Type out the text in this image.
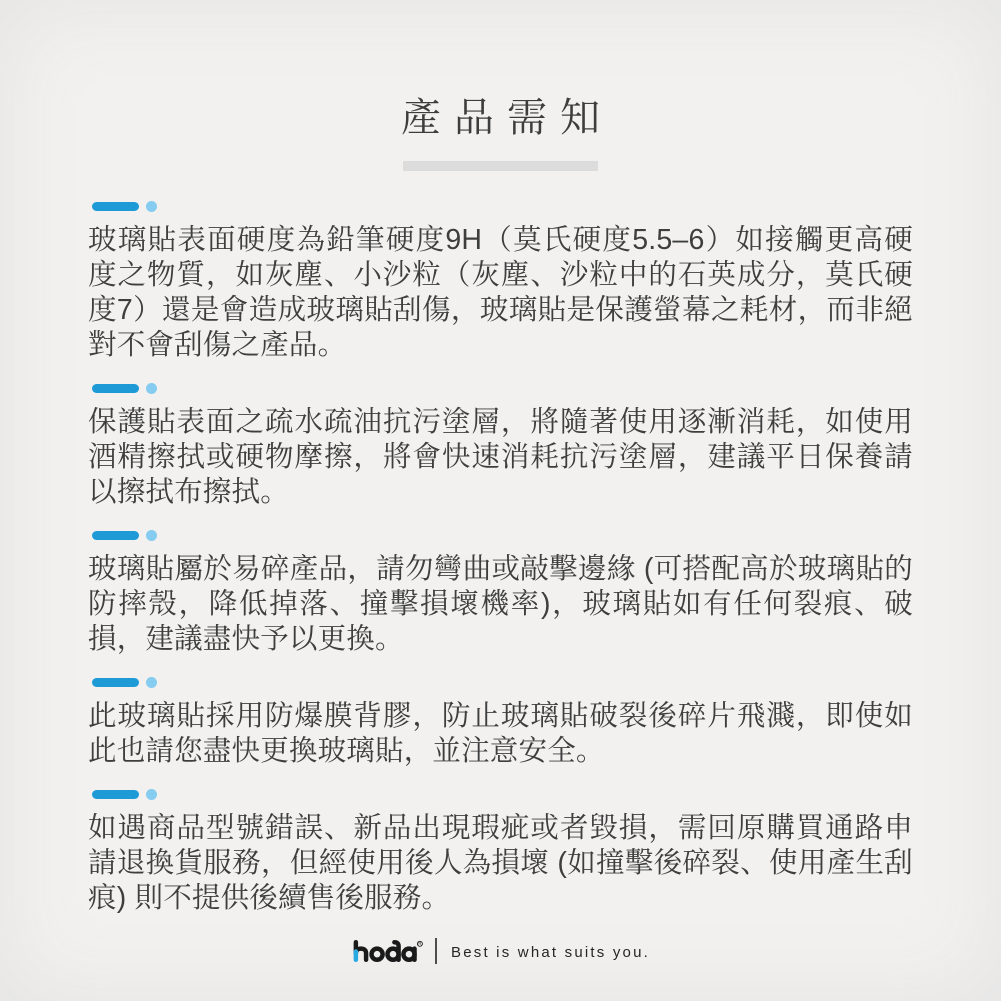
產品需知

玻璃貼表面硬度為鉛筆硬度9H（莫氏硬度5.5–6）如接觸更高硬度之物質，如灰塵、小沙粒（灰塵、沙粒中的石英成分，莫氏硬度7）還是會造成玻璃貼刮傷，玻璃貼是保護螢幕之耗材，而非絕對不會刮傷之產品。

保護貼表面之疏水疏油抗污塗層，將隨著使用逐漸消耗，如使用酒精擦拭或硬物摩擦，將會快速消耗抗污塗層，建議平日保養請以擦拭布擦拭。

玻璃貼屬於易碎產品，請勿彎曲或敲擊邊緣 (可搭配高於玻璃貼的防摔殼，降低掉落、撞擊損壞機率)，玻璃貼如有任何裂痕、破損，建議盡快予以更換。

此玻璃貼採用防爆膜背膠，防止玻璃貼破裂後碎片飛濺，即使如此也請您盡快更換玻璃貼，並注意安全。

如遇商品型號錯誤、新品出現瑕疵或者毀損，需回原購買通路申請退換貨服務，但經使用後人為損壞 (如撞擊後碎裂、使用產生刮痕) 則不提供後續售後服務。

R Best is what suits you.
